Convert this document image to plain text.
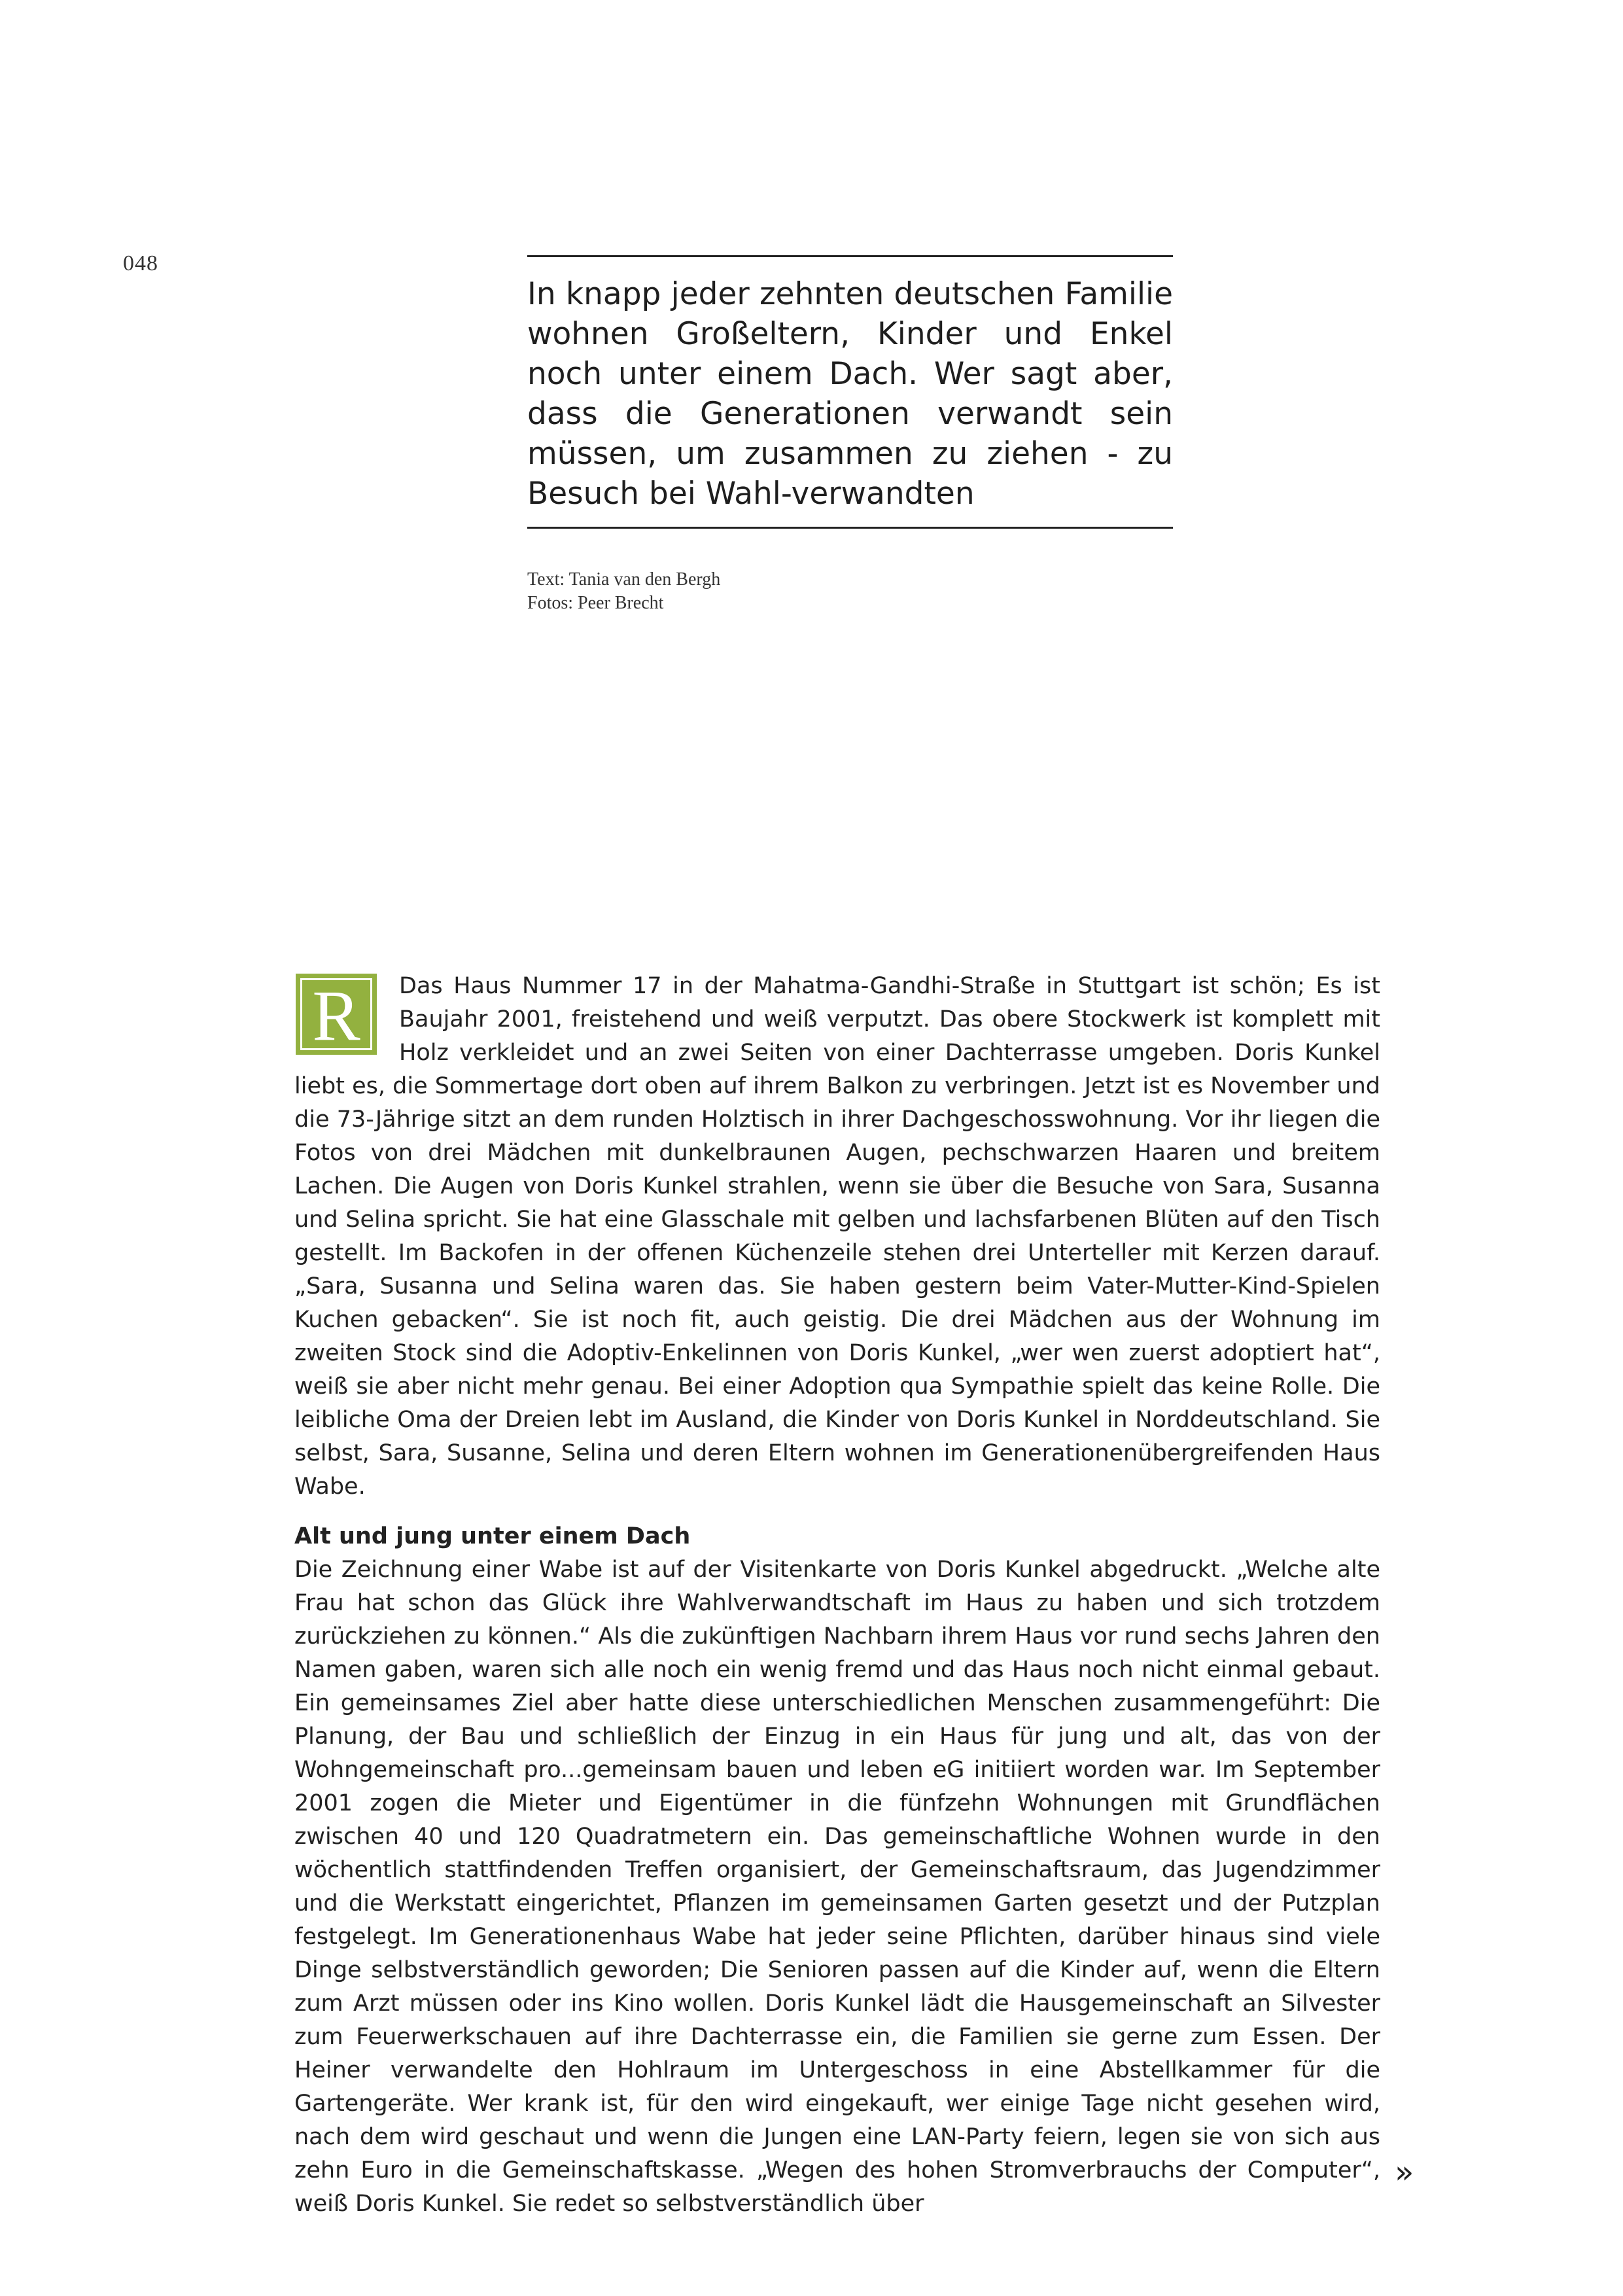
048

In knapp jeder zehnten deutschen Familie wohnen Großeltern, Kinder und Enkel noch unter einem Dach. Wer sagt aber, dass die Generationen verwandt sein müssen, um zusammen zu ziehen - zu Besuch bei Wahl-verwandten

Text: Tania van den Bergh
Fotos: Peer Brecht
R	Das Haus Nummer 17 in der Mahatma-Gandhi-Straße in Stuttgart ist schön; Es ist Baujahr 2001, freistehend und weiß verputzt. Das obere Stockwerk ist komplett mit Holz verkleidet und an zwei Seiten von einer Dachterrasse umgeben. Doris Kunkel liebt es, die Sommertage dort oben auf ihrem Balkon zu verbringen. Jetzt ist es November und die 73-Jährige sitzt an dem runden Holztisch in ihrer Dachgeschosswohnung. Vor ihr liegen die Fotos von drei Mädchen mit dunkelbraunen Augen, pechschwarzen Haaren und breitem Lachen. Die Augen von Doris Kunkel strahlen, wenn sie über die Besuche von Sara, Susanna und Selina spricht. Sie hat eine Glasschale mit gelben und lachsfarbenen Blüten auf den Tisch gestellt. Im Backofen in der offenen Küchenzeile stehen drei Unterteller mit Kerzen darauf. „Sara, Susanna und Selina waren das. Sie haben gestern beim Vater-Mutter-Kind-Spielen Kuchen gebacken“. Sie ist noch fit, auch geistig. Die drei Mädchen aus der Wohnung im zweiten Stock sind die Adoptiv-Enkelinnen von Doris Kunkel, „wer wen zuerst adoptiert hat“, weiß sie aber nicht mehr genau. Bei einer Adoption qua Sympathie spielt das keine Rolle. Die leibliche Oma der Dreien lebt im Ausland, die Kinder von Doris Kunkel in Norddeutschland. Sie selbst, Sara, Susanne, Selina und deren Eltern wohnen im Generationenübergreifenden Haus Wabe.

Alt und jung unter einem Dach

Die Zeichnung einer Wabe ist auf der Visitenkarte von Doris Kunkel abgedruckt. „Welche alte Frau hat schon das Glück ihre Wahlverwandtschaft im Haus zu haben und sich trotzdem zurückziehen zu können.“ Als die zukünftigen Nachbarn ihrem Haus vor rund sechs Jahren den Namen gaben, waren sich alle noch ein wenig fremd und das Haus noch nicht einmal gebaut. Ein gemeinsames Ziel aber hatte diese unterschiedlichen Menschen zusammengeführt: Die Planung, der Bau und schließlich der Einzug in ein Haus für jung und alt, das von der Wohngemeinschaft pro...gemeinsam bauen und leben eG initiiert worden war. Im September 2001 zogen die Mieter und Eigentümer in die fünfzehn Wohnungen mit Grundflächen zwischen 40 und 120 Quadratmetern ein. Das gemeinschaftliche Wohnen wurde in den wöchentlich stattfindenden Treffen organisiert, der Gemeinschaftsraum, das Jugendzimmer und die Werkstatt eingerichtet, Pflanzen im gemeinsamen Garten gesetzt und der Putzplan festgelegt. Im Generationenhaus Wabe hat jeder seine Pflichten, darüber hinaus sind viele Dinge selbstverständlich geworden; Die Senioren passen auf die Kinder auf, wenn die Eltern zum Arzt müssen oder ins Kino wollen. Doris Kunkel lädt die Hausgemeinschaft an Silvester zum Feuerwerkschauen auf ihre Dachterrasse ein, die Familien sie gerne zum Essen. Der Heiner verwandelte den Hohlraum im Untergeschoss in eine Abstellkammer für die Gartengeräte. Wer krank ist, für den wird eingekauft, wer einige Tage nicht gesehen wird, nach dem wird geschaut und wenn die Jungen eine LAN-Party feiern, legen sie von sich aus zehn Euro in die Gemeinschaftskasse. „Wegen des hohen Stromverbrauchs der Computer“, weiß Doris Kunkel. Sie redet so selbstverständlich über

»
